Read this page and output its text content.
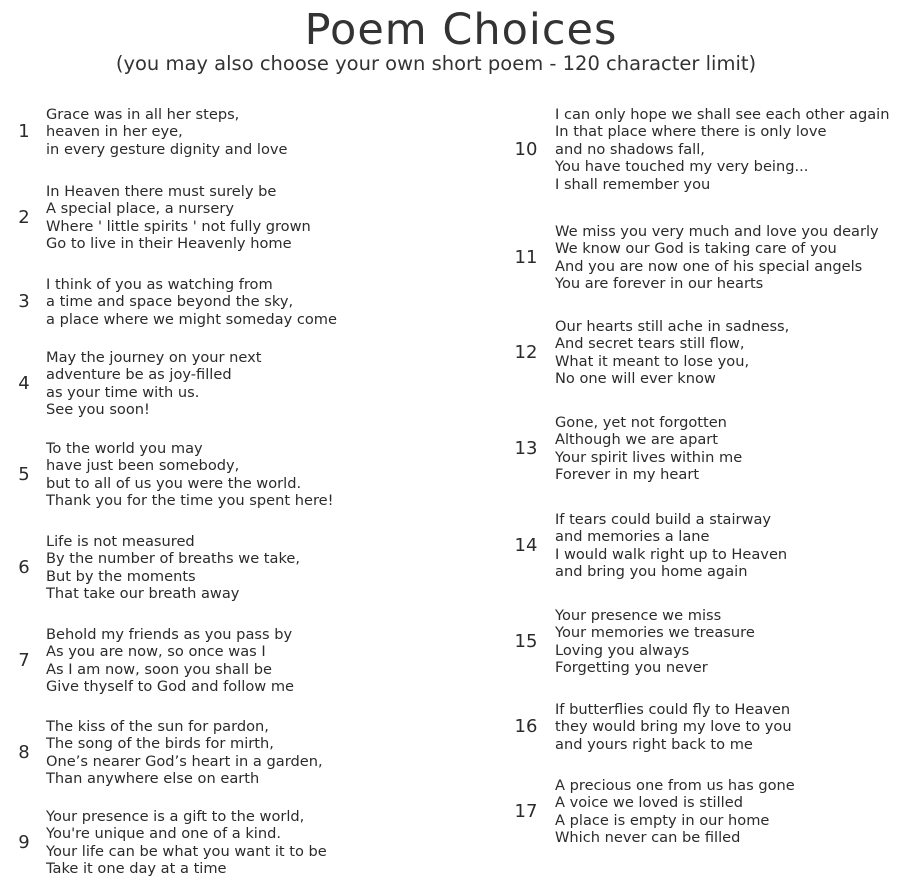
Poem Choices
(you may also choose your own short poem - 120 character limit)
1
Grace was in all her steps,
heaven in her eye,
in every gesture dignity and love
2
In Heaven there must surely be
A special place, a nursery
Where ' little spirits ' not fully grown
Go to live in their Heavenly home
3
I think of you as watching from
a time and space beyond the sky,
a place where we might someday come
4
May the journey on your next
adventure be as joy-filled
as your time with us.
See you soon!
5
To the world you may
have just been somebody,
but to all of us you were the world.
Thank you for the time you spent here!
6
Life is not measured
By the number of breaths we take,
But by the moments
That take our breath away
7
Behold my friends as you pass by
As you are now, so once was I
As I am now, soon you shall be
Give thyself to God and follow me
8
The kiss of the sun for pardon,
The song of the birds for mirth,
One’s nearer God’s heart in a garden,
Than anywhere else on earth
9
Your presence is a gift to the world,
You're unique and one of a kind.
Your life can be what you want it to be
Take it one day at a time
10
I can only hope we shall see each other again
In that place where there is only love
and no shadows fall,
You have touched my very being...
I shall remember you
11
We miss you very much and love you dearly
We know our God is taking care of you
And you are now one of his special angels
You are forever in our hearts
12
Our hearts still ache in sadness,
And secret tears still flow,
What it meant to lose you,
No one will ever know
13
Gone, yet not forgotten
Although we are apart
Your spirit lives within me
Forever in my heart
14
If tears could build a stairway
and memories a lane
I would walk right up to Heaven
and bring you home again
15
Your presence we miss
Your memories we treasure
Loving you always
Forgetting you never
16
If butterflies could fly to Heaven
they would bring my love to you
and yours right back to me
17
A precious one from us has gone
A voice we loved is stilled
A place is empty in our home
Which never can be filled
